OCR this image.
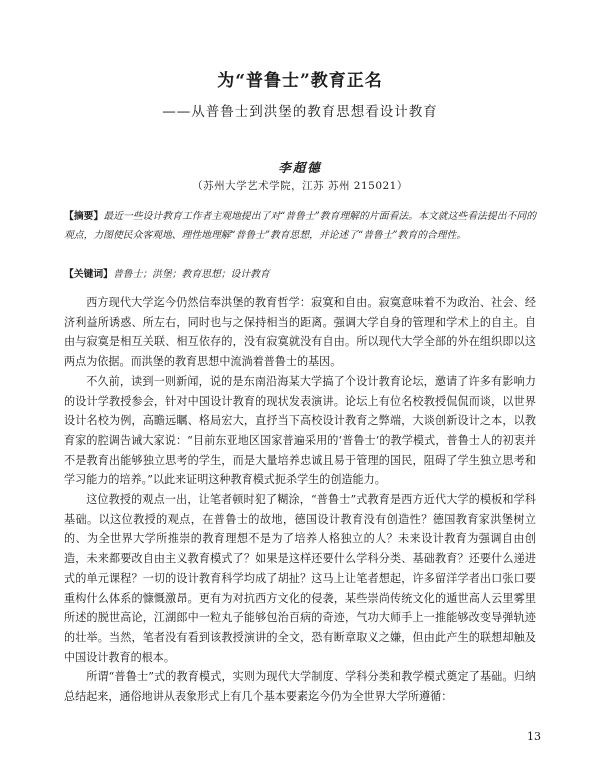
为“普鲁士”教育正名
——从普鲁士到洪堡的教育思想看设计教育
李超德
（苏州大学艺术学院，江苏 苏州 215021）
【摘要】最近一些设计教育工作者主观地提出了对“普鲁士”教育理解的片面看法。本文就这些看法提出不同的观点，力图使民众客观地、理性地理解“普鲁士”教育思想，并论述了“普鲁士”教育的合理性。
【关键词】普鲁士；洪堡；教育思想；设计教育

西方现代大学迄今仍然信奉洪堡的教育哲学：寂寞和自由。寂寞意味着不为政治、社会、经济利益所诱惑、所左右，同时也与之保持相当的距离。强调大学自身的管理和学术上的自主。自由与寂寞是相互关联、相互依存的，没有寂寞就没有自由。所以现代大学全部的外在组织即以这两点为依据。而洪堡的教育思想中流淌着普鲁士的基因。

不久前，读到一则新闻，说的是东南沿海某大学搞了个设计教育论坛，邀请了许多有影响力的设计学教授参会，针对中国设计教育的现状发表演讲。论坛上有位名校教授侃侃而谈，以世界设计名校为例，高瞻远瞩、格局宏大，直抒当下高校设计教育之弊端，大谈创新设计之本，以教育家的腔调告诫大家说：“目前东亚地区国家普遍采用的‘普鲁士’的教学模式，普鲁士人的初衷并不是教育出能够独立思考的学生，而是大量培养忠诚且易于管理的国民，阻碍了学生独立思考和学习能力的培养。”以此来证明这种教育模式扼杀学生的创造能力。

这位教授的观点一出，让笔者顿时犯了糊涂，“普鲁士”式教育是西方近代大学的模板和学科基础。以这位教授的观点，在普鲁士的故地，德国设计教育没有创造性？德国教育家洪堡树立的、为全世界大学所推崇的教育理想不是为了培养人格独立的人？未来设计教育为强调自由创造，未来都要改自由主义教育模式了？如果是这样还要什么学科分类、基础教育？还要什么递进式的单元课程？一切的设计教育科学均成了胡扯？这马上让笔者想起，许多留洋学者出口张口要重构什么体系的慷慨激昂。更有为对抗西方文化的侵袭，某些崇尚传统文化的遁世高人云里雾里所述的脱世高论，江湖郎中一粒丸子能够包治百病的奇迹，气功大师手上一推能够改变导弹轨迹的壮举。当然，笔者没有看到该教授演讲的全文，恐有断章取义之嫌，但由此产生的联想却触及中国设计教育的根本。

所谓“普鲁士”式的教育模式，实则为现代大学制度、学科分类和教学模式奠定了基础。归纳总结起来，通俗地讲从表象形式上有几个基本要素迄今仍为全世界大学所遵循：

13
